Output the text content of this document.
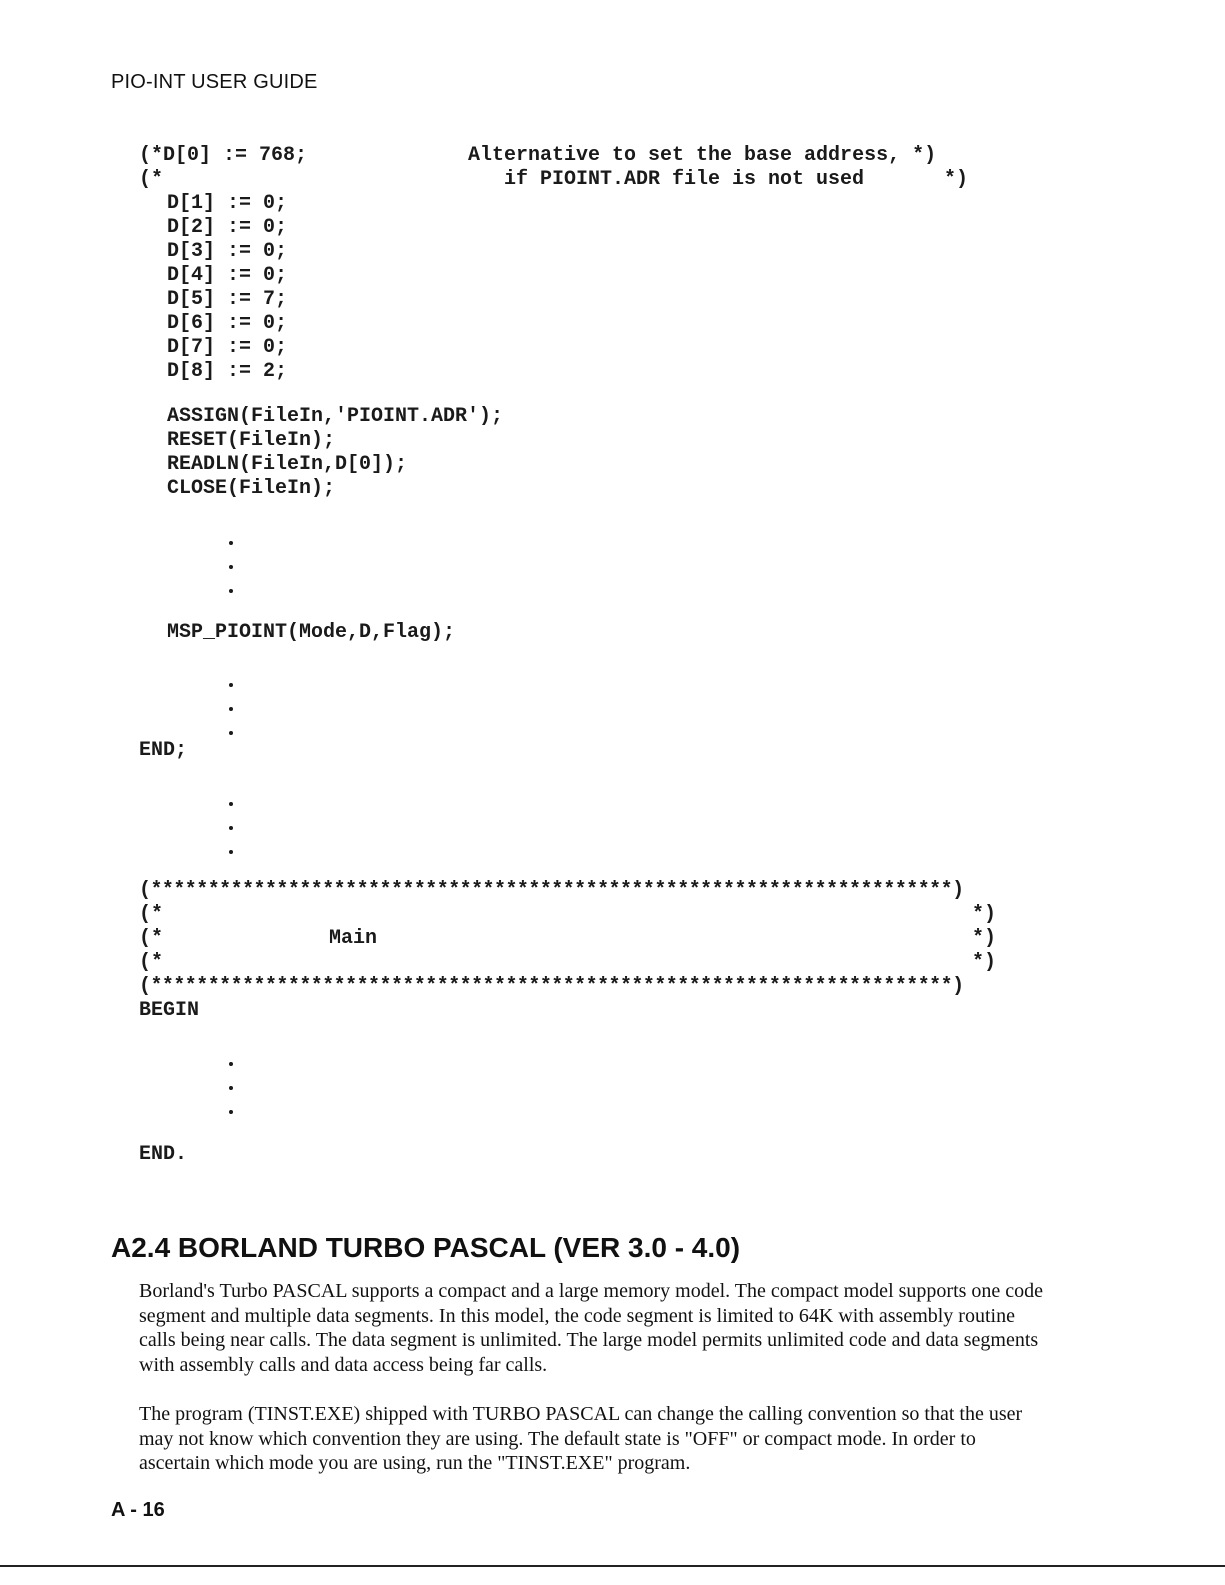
PIO-INT USER GUIDE

(*D[0] := 768;

	Alternative to set the base address, *)

(*

	if PIOINT.ADR file is not used

	*)

D[1] := 0;

D[2] := 0;

D[3] := 0;

D[4] := 0;

D[5] := 7;

D[6] := 0;

D[7] := 0;

D[8] := 2;

ASSIGN(FileIn,'PIOINT.ADR');

RESET(FileIn);

READLN(FileIn,D[0]);

CLOSE(FileIn);

MSP_PIOINT(Mode,D,Flag);

END;

(**********************************************************************)

(*

	*)

(*

	Main

	*)

(*

	*)

(**********************************************************************)

BEGIN

END.

A2.4 BORLAND TURBO PASCAL (VER 3.0 - 4.0)

Borland's Turbo PASCAL supports a compact and a large memory model. The compact model supports one code segment and multiple data segments. In this model, the code segment is limited to 64K with assembly routine calls being near calls. The data segment is unlimited. The large model permits unlimited code and data segments with assembly calls and data access being far calls.

The program (TINST.EXE) shipped with TURBO PASCAL can change the calling convention so that the user may not know which convention they are using. The default state is "OFF" or compact mode. In order to ascertain which mode you are using, run the "TINST.EXE" program.

A - 16
